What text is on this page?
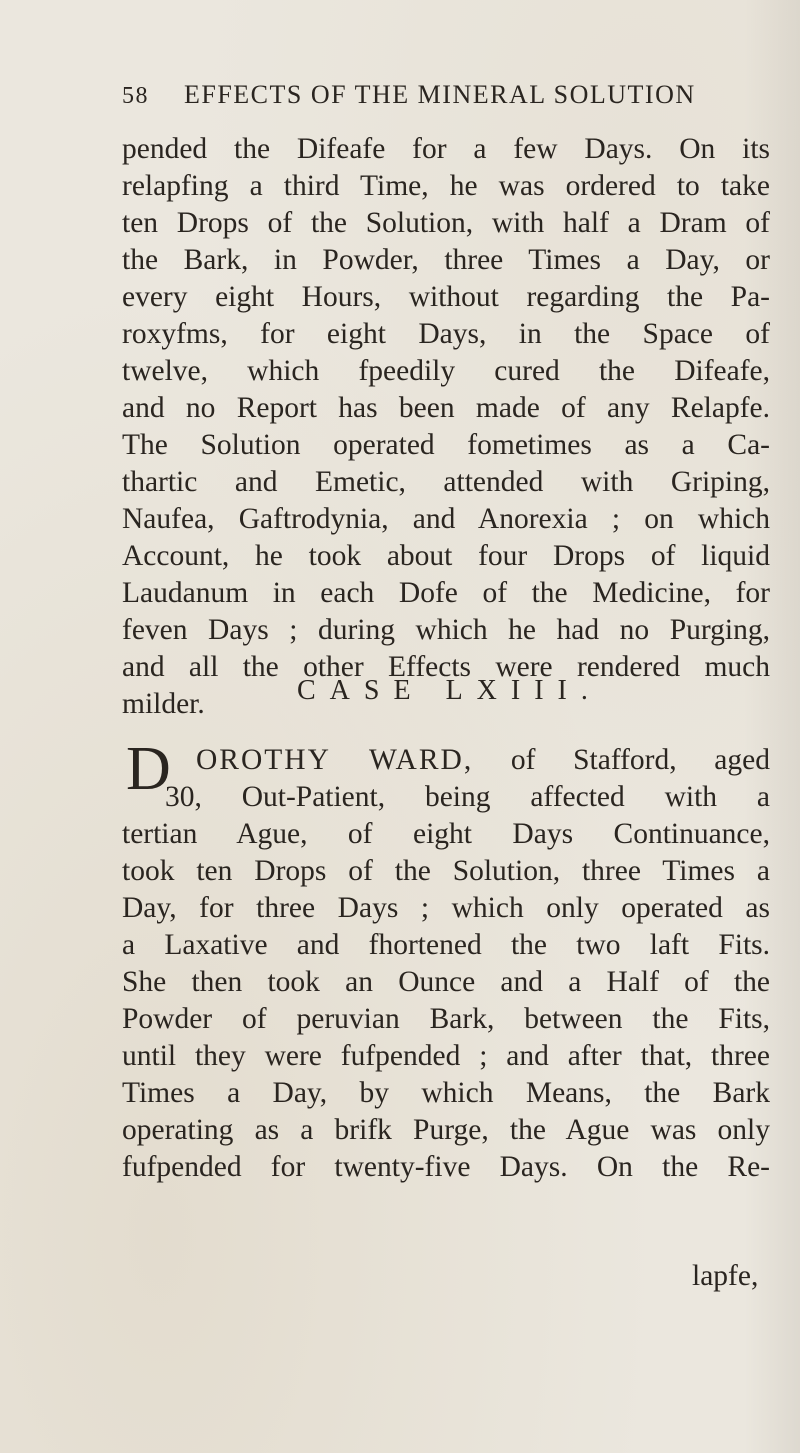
58 EFFECTS OF THE MINERAL SOLUTION
pended the Difeafe for a few Days. On its
relapfing a third Time, he was ordered to take
ten Drops of the Solution, with half a Dram of
the Bark, in Powder, three Times a Day, or
every eight Hours, without regarding the Pa-
roxyfms, for eight Days, in the Space of
twelve, which fpeedily cured the Difeafe,
and no Report has been made of any Relapfe.
The Solution operated fometimes as a Ca-
thartic and Emetic, attended with Griping,
Naufea, Gaftrodynia, and Anorexia ; on which
Account, he took about four Drops of liquid
Laudanum in each Dofe of the Medicine, for
feven Days ; during which he had no Purging,
and all the other Effects were rendered much
milder.	CASE LXIII.
D OROTHY WARD, of Stafford, aged
30, Out-Patient, being affected with a
tertian Ague, of eight Days Continuance,
took ten Drops of the Solution, three Times a
Day, for three Days ; which only operated as
a Laxative and fhortened the two laft Fits.
She then took an Ounce and a Half of the
Powder of peruvian Bark, between the Fits,
until they were fufpended ; and after that, three
Times a Day, by which Means, the Bark
operating as a brifk Purge, the Ague was only
fufpended for twenty-five Days. On the Re-
lapfe,
